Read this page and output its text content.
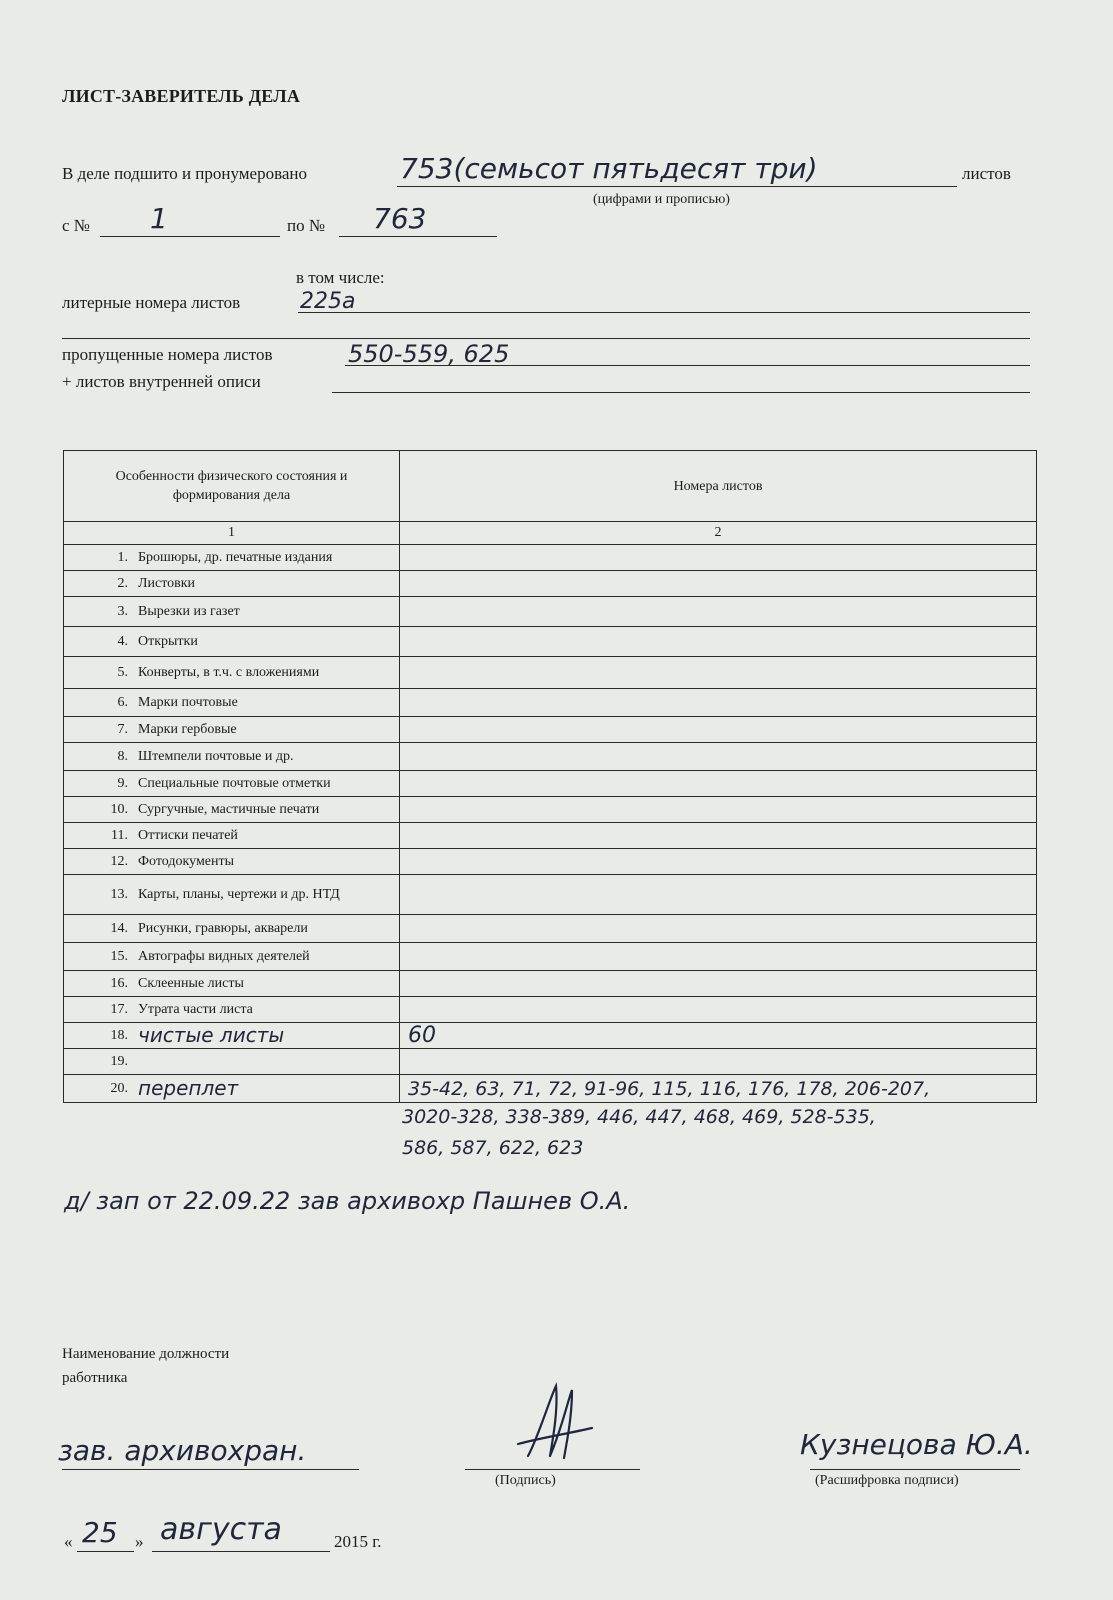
ЛИСТ-ЗАВЕРИТЕЛЬ ДЕЛА
В деле подшито и пронумеровано	753(семьсот пятьдесят три)	листов
(цифрами и прописью)
с № 1	по № 763
в том числе:
литерные номера листов	225а
пропущенные номера листов	550-559, 625
+ листов внутренней описи
Особенности физического состояния и формирования дела	Номера листов
1	2

1. Брошюры, др. печатные издания	

2. Листовки	

3. Вырезки из газет	

4. Открытки	

5. Конверты, в т.ч. с вложениями	

6. Марки почтовые	

7. Марки гербовые	

8. Штемпели почтовые и др.	

9. Специальные почтовые отметки	

10. Сургучные, мастичные печати	

11. Оттиски печатей	

12. Фотодокументы	

13. Карты, планы, чертежи и др. НТД	

14. Рисунки, гравюры, акварели	

15. Автографы видных деятелей	

16. Склеенные листы	

17. Утрата части листа	

18. чистые листы	60

19.	

20. переплет	35-42, 63, 71, 72, 91-96, 115, 116, 176, 178, 206-207,
3020-328, 338-389, 446, 447, 468, 469, 528-535,
586, 587, 622, 623
д/ зап от 22.09.22 зав архивохр Пашнев О.А.
Наименование должности
работника
зав. архивохран.
(Подпись)
Кузнецова Ю.А.
(Расшифровка подписи)
« 25 » августа	2015 г.
